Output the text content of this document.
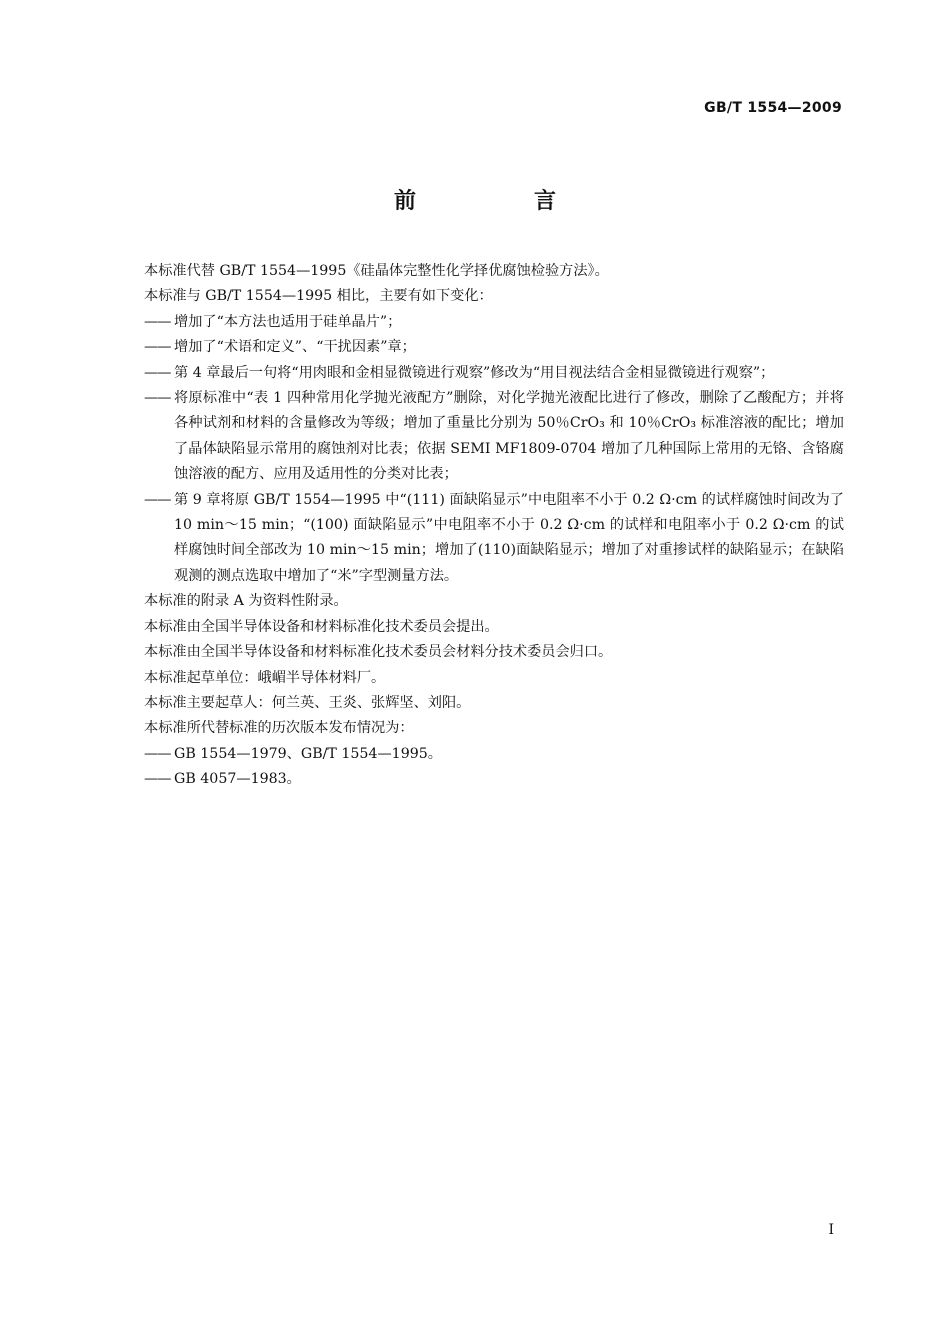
GB/T 1554—2009
前　言

本标准代替 GB/T 1554—1995《硅晶体完整性化学择优腐蚀检验方法》。

本标准与 GB/T 1554—1995 相比，主要有如下变化：

—— 增加了“本方法也适用于硅单晶片”；
—— 增加了“术语和定义”、“干扰因素”章；
—— 第 4 章最后一句将“用肉眼和金相显微镜进行观察”修改为“用目视法结合金相显微镜进行观察”；
—— 将原标准中“表 1 四种常用化学抛光液配方”删除，对化学抛光液配比进行了修改，删除了乙酸配方；并将各种试剂和材料的含量修改为等级；增加了重量比分别为 50％CrO₃ 和 10％CrO₃ 标准溶液的配比；增加了晶体缺陷显示常用的腐蚀剂对比表；依据 SEMI MF1809-0704 增加了几种国际上常用的无铬、含铬腐蚀溶液的配方、应用及适用性的分类对比表；
—— 第 9 章将原 GB/T 1554—1995 中“(111) 面缺陷显示”中电阻率不小于 0.2 Ω·cm 的试样腐蚀时间改为了 10 min～15 min；“(100) 面缺陷显示”中电阻率不小于 0.2 Ω·cm 的试样和电阻率小于 0.2 Ω·cm 的试样腐蚀时间全部改为 10 min～15 min；增加了(110)面缺陷显示；增加了对重掺试样的缺陷显示；在缺陷观测的测点选取中增加了“米”字型测量方法。

本标准的附录 A 为资料性附录。

本标准由全国半导体设备和材料标准化技术委员会提出。

本标准由全国半导体设备和材料标准化技术委员会材料分技术委员会归口。

本标准起草单位：峨嵋半导体材料厂。

本标准主要起草人：何兰英、王炎、张辉坚、刘阳。

本标准所代替标准的历次版本发布情况为：

—— GB 1554—1979、GB/T 1554—1995。
—— GB 4057—1983。
I
